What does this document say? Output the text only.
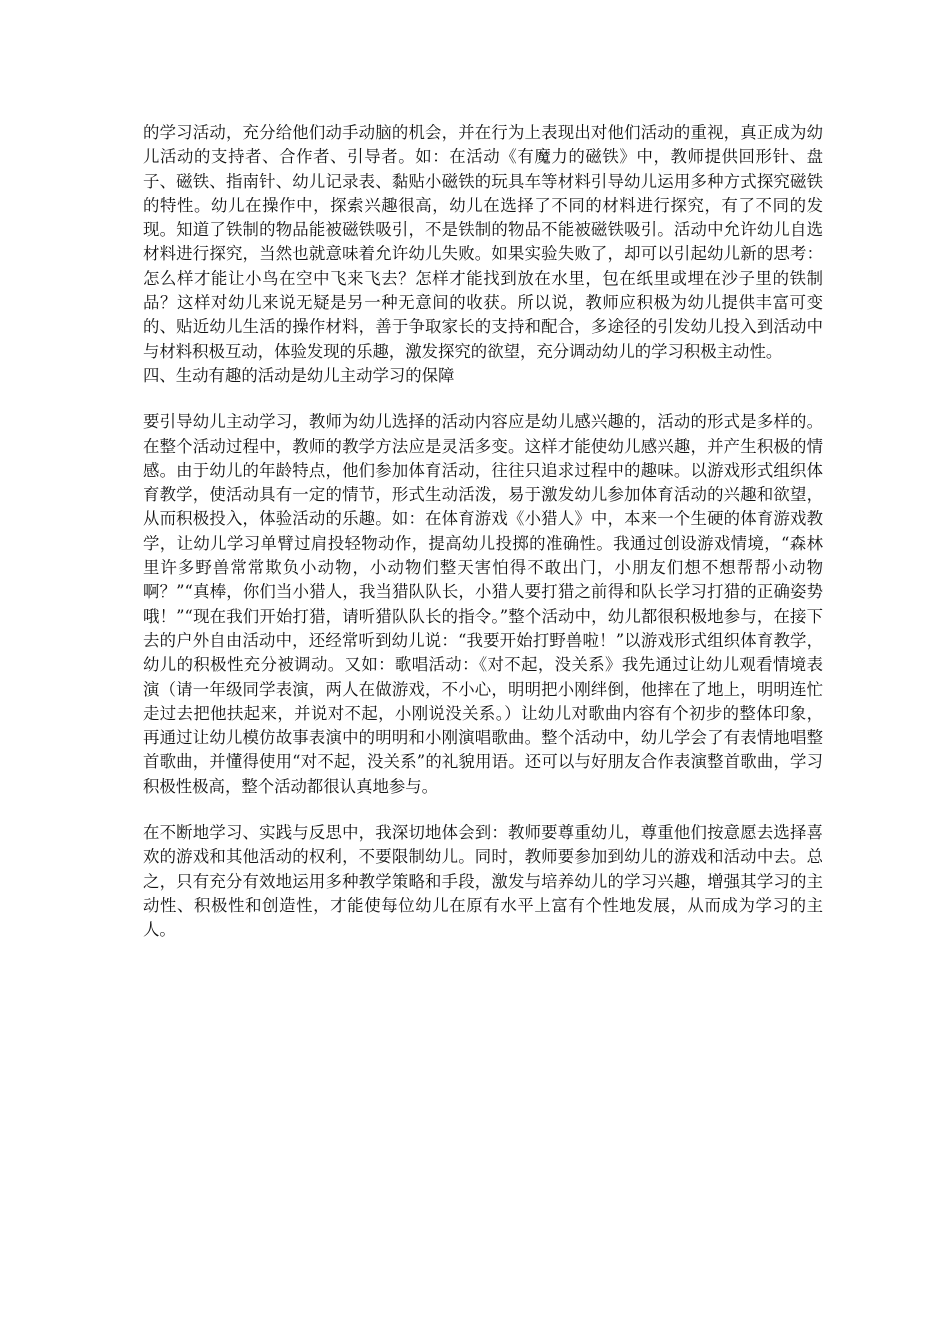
的学习活动，充分给他们动手动脑的机会，并在行为上表现出对他们活动的重视，真正成为幼儿活动的支持者、合作者、引导者。如：在活动《有魔力的磁铁》中，教师提供回形针、盘子、磁铁、指南针、幼儿记录表、黏贴小磁铁的玩具车等材料引导幼儿运用多种方式探究磁铁的特性。幼儿在操作中，探索兴趣很高，幼儿在选择了不同的材料进行探究，有了不同的发现。知道了铁制的物品能被磁铁吸引，不是铁制的物品不能被磁铁吸引。活动中允许幼儿自选材料进行探究，当然也就意味着允许幼儿失败。如果实验失败了，却可以引起幼儿新的思考：怎么样才能让小鸟在空中飞来飞去？怎样才能找到放在水里，包在纸里或埋在沙子里的铁制品？这样对幼儿来说无疑是另一种无意间的收获。所以说，教师应积极为幼儿提供丰富可变的、贴近幼儿生活的操作材料，善于争取家长的支持和配合，多途径的引发幼儿投入到活动中与材料积极互动，体验发现的乐趣，激发探究的欲望，充分调动幼儿的学习积极主动性。

四、生动有趣的活动是幼儿主动学习的保障

要引导幼儿主动学习，教师为幼儿选择的活动内容应是幼儿感兴趣的，活动的形式是多样的。在整个活动过程中，教师的教学方法应是灵活多变。这样才能使幼儿感兴趣，并产生积极的情感。由于幼儿的年龄特点，他们参加体育活动，往往只追求过程中的趣味。以游戏形式组织体育教学，使活动具有一定的情节，形式生动活泼，易于激发幼儿参加体育活动的兴趣和欲望，从而积极投入，体验活动的乐趣。如：在体育游戏《小猎人》中，本来一个生硬的体育游戏教学，让幼儿学习单臂过肩投轻物动作，提高幼儿投掷的准确性。我通过创设游戏情境，“森林里许多野兽常常欺负小动物，小动物们整天害怕得不敢出门，小朋友们想不想帮帮小动物啊？”“真棒，你们当小猎人，我当猎队队长，小猎人要打猎之前得和队长学习打猎的正确姿势哦！”“现在我们开始打猎，请听猎队队长的指令。”整个活动中，幼儿都很积极地参与，在接下去的户外自由活动中，还经常听到幼儿说：“我要开始打野兽啦！”以游戏形式组织体育教学，幼儿的积极性充分被调动。又如：歌唱活动：《对不起，没关系》我先通过让幼儿观看情境表演（请一年级同学表演，两人在做游戏，不小心，明明把小刚绊倒，他摔在了地上，明明连忙走过去把他扶起来，并说对不起，小刚说没关系。）让幼儿对歌曲内容有个初步的整体印象，再通过让幼儿模仿故事表演中的明明和小刚演唱歌曲。整个活动中，幼儿学会了有表情地唱整首歌曲，并懂得使用“对不起，没关系”的礼貌用语。还可以与好朋友合作表演整首歌曲，学习积极性极高，整个活动都很认真地参与。

在不断地学习、实践与反思中，我深切地体会到：教师要尊重幼儿，尊重他们按意愿去选择喜欢的游戏和其他活动的权利，不要限制幼儿。同时，教师要参加到幼儿的游戏和活动中去。总之，只有充分有效地运用多种教学策略和手段，激发与培养幼儿的学习兴趣，增强其学习的主动性、积极性和创造性，才能使每位幼儿在原有水平上富有个性地发展，从而成为学习的主人。
